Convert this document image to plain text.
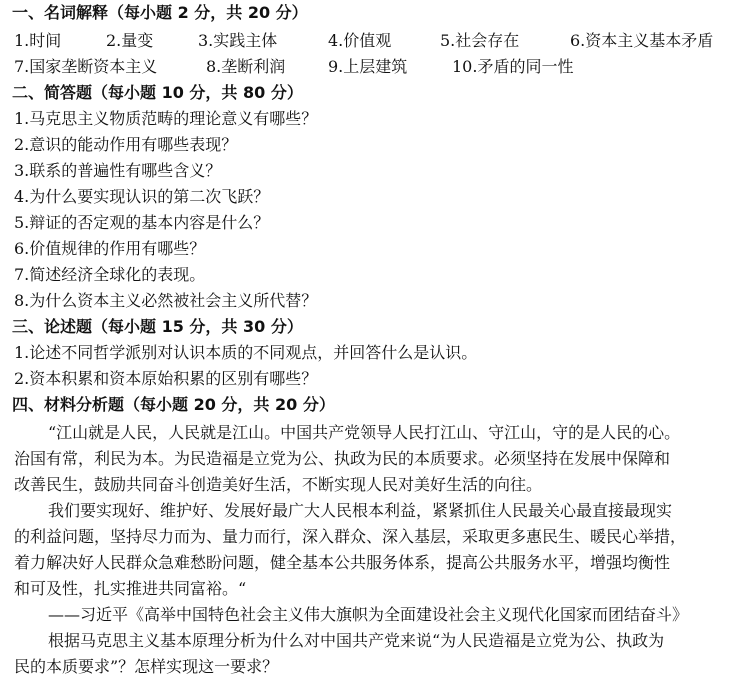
一、名词解释（每小题 2 分，共 20 分）
1.时间	2.量变	3.实践主体	4.价值观	5.社会存在	6.资本主义基本矛盾
7.国家垄断资本主义	8.垄断利润	9.上层建筑	10.矛盾的同一性
二、简答题（每小题 10 分，共 80 分）
1.马克思主义物质范畴的理论意义有哪些？
2.意识的能动作用有哪些表现？
3.联系的普遍性有哪些含义？
4.为什么要实现认识的第二次飞跃？
5.辩证的否定观的基本内容是什么？
6.价值规律的作用有哪些？
7.简述经济全球化的表现。
8.为什么资本主义必然被社会主义所代替？
三、论述题（每小题 15 分，共 30 分）
1.论述不同哲学派别对认识本质的不同观点，并回答什么是认识。
2.资本积累和资本原始积累的区别有哪些？
四、材料分析题（每小题 20 分，共 20 分）
“江山就是人民，人民就是江山。中国共产党领导人民打江山、守江山，守的是人民的心。
治国有常，利民为本。为民造福是立党为公、执政为民的本质要求。必须坚持在发展中保障和
改善民生，鼓励共同奋斗创造美好生活，不断实现人民对美好生活的向往。
我们要实现好、维护好、发展好最广大人民根本利益，紧紧抓住人民最关心最直接最现实
的利益问题，坚持尽力而为、量力而行，深入群众、深入基层，采取更多惠民生、暖民心举措，
着力解决好人民群众急难愁盼问题，健全基本公共服务体系，提高公共服务水平，增强均衡性
和可及性，扎实推进共同富裕。“
——习近平《高举中国特色社会主义伟大旗帜为全面建设社会主义现代化国家而团结奋斗》
根据马克思主义基本原理分析为什么对中国共产党来说“为人民造福是立党为公、执政为
民的本质要求”？怎样实现这一要求？
